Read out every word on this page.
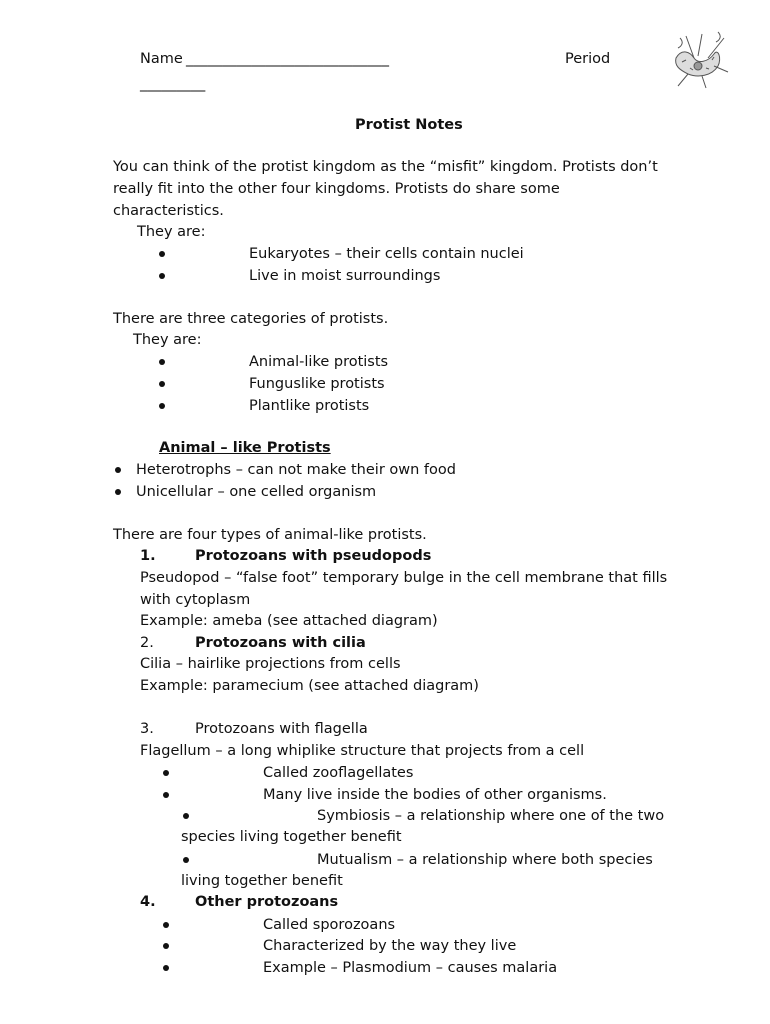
Name ____________________________	Period
_________
Protist Notes
You can think of the protist kingdom as the “misfit” kingdom. Protists don’t
really fit into the other four kingdoms. Protists do share some
characteristics.
They are:
Eukaryotes – their cells contain nuclei
Live in moist surroundings
There are three categories of protists.
They are:
Animal-like protists
Funguslike protists
Plantlike protists
Animal – like Protists
Heterotrophs – can not make their own food
Unicellular – one celled organism
There are four types of animal-like protists.
1.	Protozoans with pseudopods
Pseudopod – “false foot” temporary bulge in the cell membrane that fills
with cytoplasm
Example: ameba (see attached diagram)
2.	Protozoans with cilia
Cilia – hairlike projections from cells
Example: paramecium (see attached diagram)
3.	Protozoans with flagella
Flagellum – a long whiplike structure that projects from a cell
Called zooflagellates
Many live inside the bodies of other organisms.
Symbiosis – a relationship where one of the two
species living together benefit
Mutualism – a relationship where both species
living together benefit
4.	Other protozoans
Called sporozoans
Characterized by the way they live
Example – Plasmodium – causes malaria
